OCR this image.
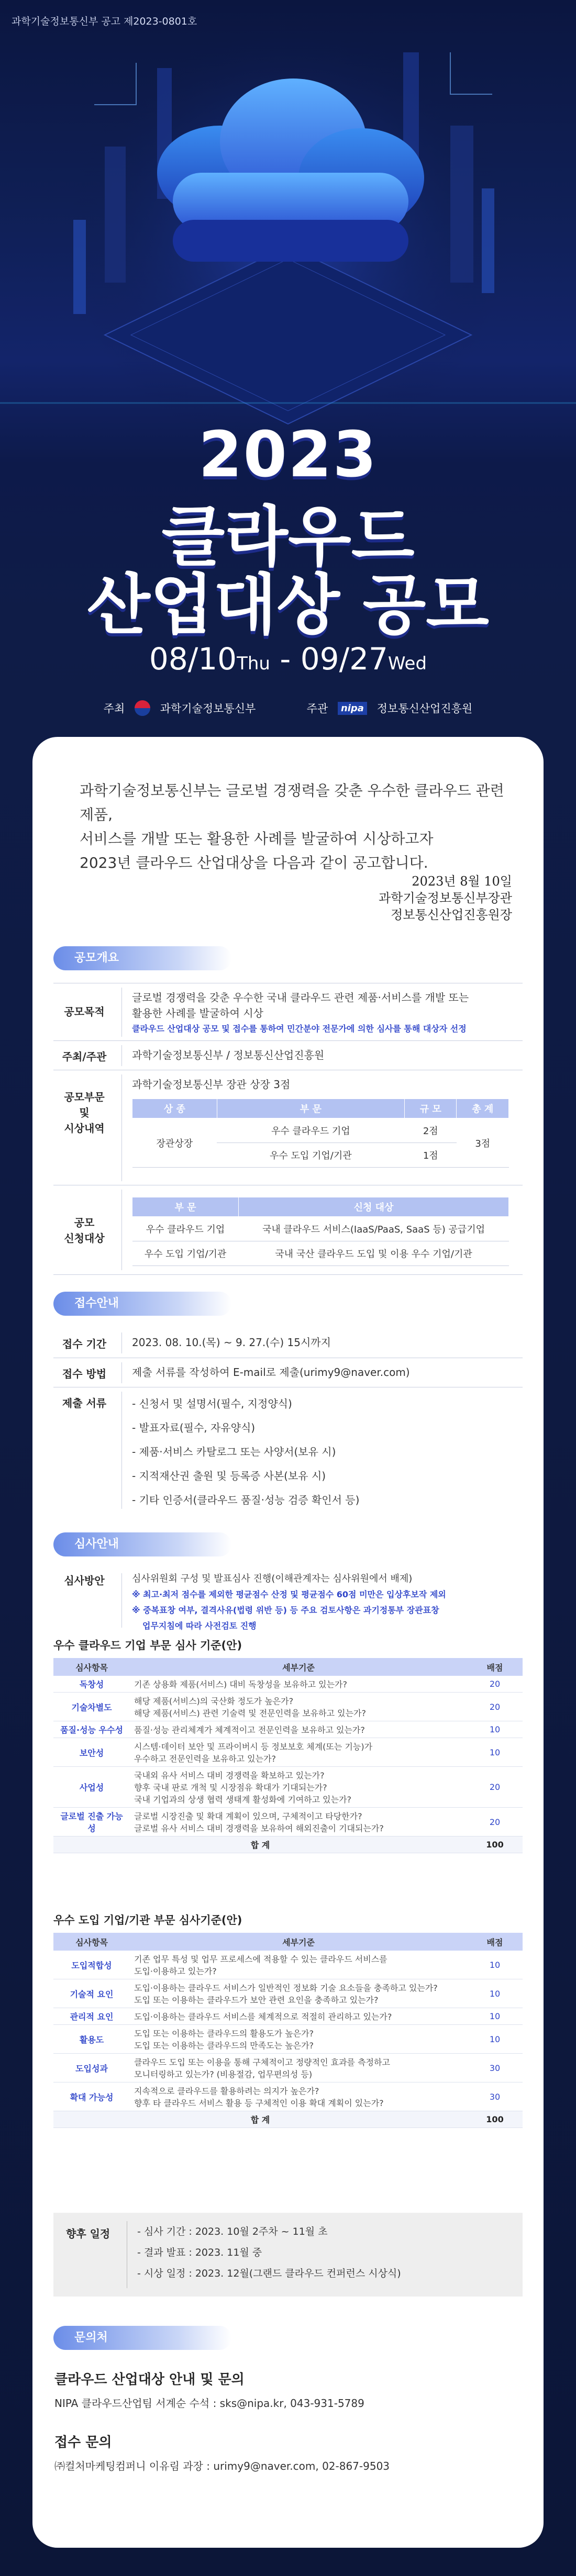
과학기술정보통신부 공고 제2023-0801호
2023
클라우드
산업대상 공모
08/10Thu - 09/27Wed
주최	과학기술정보통신부	주관 nipa 정보통신산업진흥원
과학기술정보통신부는 글로벌 경쟁력을 갖춘 우수한 클라우드 관련 제품,
서비스를 개발 또는 활용한 사례를 발굴하여 시상하고자
2023년 클라우드 산업대상을 다음과 같이 공고합니다.
2023년 8월 10일
과학기술정보통신부장관
정보통신산업진흥원장
공모개요
공모목적
글로벌 경쟁력을 갖춘 우수한 국내 클라우드 관련 제품·서비스를 개발 또는
활용한 사례를 발굴하여 시상
클라우드 산업대상 공모 및 접수를 통하여 민간분야 전문가에 의한 심사를 통해 대상자 선정
주최/주관	과학기술정보통신부 / 정보통신산업진흥원
공모부문
및
시상내역
과학기술정보통신부 장관 상장 3점
상 종	부 문	규 모	총 계
장관상장	우수 클라우드 기업	2점	3점
	우수 도입 기업/기관	1점	
공모
신청대상
부 문	신청 대상
우수 클라우드 기업	국내 클라우드 서비스(IaaS/PaaS, SaaS 등) 공급기업
우수 도입 기업/기관	국내 국산 클라우드 도입 및 이용 우수 기업/기관
접수안내
접수 기간	2023. 08. 10.(목) ~ 9. 27.(수) 15시까지
접수 방법	제출 서류를 작성하여 E-mail로 제출(urimy9@naver.com)
제출 서류	- 신청서 및 설명서(필수, 지정양식)
- 발표자료(필수, 자유양식)
- 제품·서비스 카탈로그 또는 사양서(보유 시)
- 지적재산권 출원 및 등록증 사본(보유 시)
- 기타 인증서(클라우드 품질·성능 검증 확인서 등)
심사안내
심사방안	심사위원회 구성 및 발표심사 진행(이해관계자는 심사위원에서 배제)
※ 최고·최저 점수를 제외한 평균점수 산정 및 평균점수 60점 미만은 입상후보작 제외
※ 중복표창 여부, 결격사유(법령 위반 등) 등 주요 검토사항은 과기정통부 장관표창
업무지침에 따라 사전검토 진행
우수 클라우드 기업 부문 심사 기준(안)
심사항목	세부기준	배점
독창성	기존 상용화 제품(서비스) 대비 독창성을 보유하고 있는가?	20
기술차별도	해당 제품(서비스)의 국산화 정도가 높은가?
해당 제품(서비스) 관련 기술력 및 전문인력을 보유하고 있는가?	20
품질·성능 우수성	품질·성능 관리체계가 체계적이고 전문인력을 보유하고 있는가?	10
보안성	시스템·데이터 보안 및 프라이버시 등 정보보호 체계(또는 기능)가
우수하고 전문인력을 보유하고 있는가?	10
사업성	국내외 유사 서비스 대비 경쟁력을 확보하고 있는가?
향후 국내 판로 개척 및 시장점유 확대가 기대되는가?
국내 기업과의 상생 협력 생태계 활성화에 기여하고 있는가?	20
글로벌 진출 가능성	글로벌 시장진출 및 확대 계획이 있으며, 구체적이고 타당한가?
글로벌 유사 서비스 대비 경쟁력을 보유하여 해외진출이 기대되는가?	20
합 계		100
우수 도입 기업/기관 부문 심사기준(안)
심사항목	세부기준	배점
도입적합성	기존 업무 특성 및 업무 프로세스에 적용할 수 있는 클라우드 서비스를
도입·이용하고 있는가?	10
기술적 요인	도입·이용하는 클라우드 서비스가 일반적인 정보화 기술 요소들을 충족하고 있는가?
도입 또는 이용하는 클라우드가 보안 관련 요인을 충족하고 있는가?	10
관리적 요인	도입·이용하는 클라우드 서비스를 체계적으로 적절히 관리하고 있는가?	10
활용도	도입 또는 이용하는 클라우드의 활용도가 높은가?
도입 또는 이용하는 클라우드의 만족도는 높은가?	10
도입성과	클라우드 도입 또는 이용을 통해 구체적이고 정량적인 효과를 측정하고
모니터링하고 있는가? (비용절감, 업무편의성 등)	30
확대 가능성	지속적으로 클라우드를 활용하려는 의지가 높은가?
향후 타 클라우드 서비스 활용 등 구체적인 이용 확대 계획이 있는가?	30
합 계		100
향후 일정	- 심사 기간 : 2023. 10월 2주차 ~ 11월 초
- 결과 발표 : 2023. 11월 중
- 시상 일정 : 2023. 12월(그랜드 클라우드 컨퍼런스 시상식)
문의처
클라우드 산업대상 안내 및 문의
NIPA 클라우드산업팀 서계순 수석 : sks@nipa.kr, 043-931-5789
접수 문의
㈜컬처마케팅컴퍼니 이유림 과장 : urimy9@naver.com, 02-867-9503
